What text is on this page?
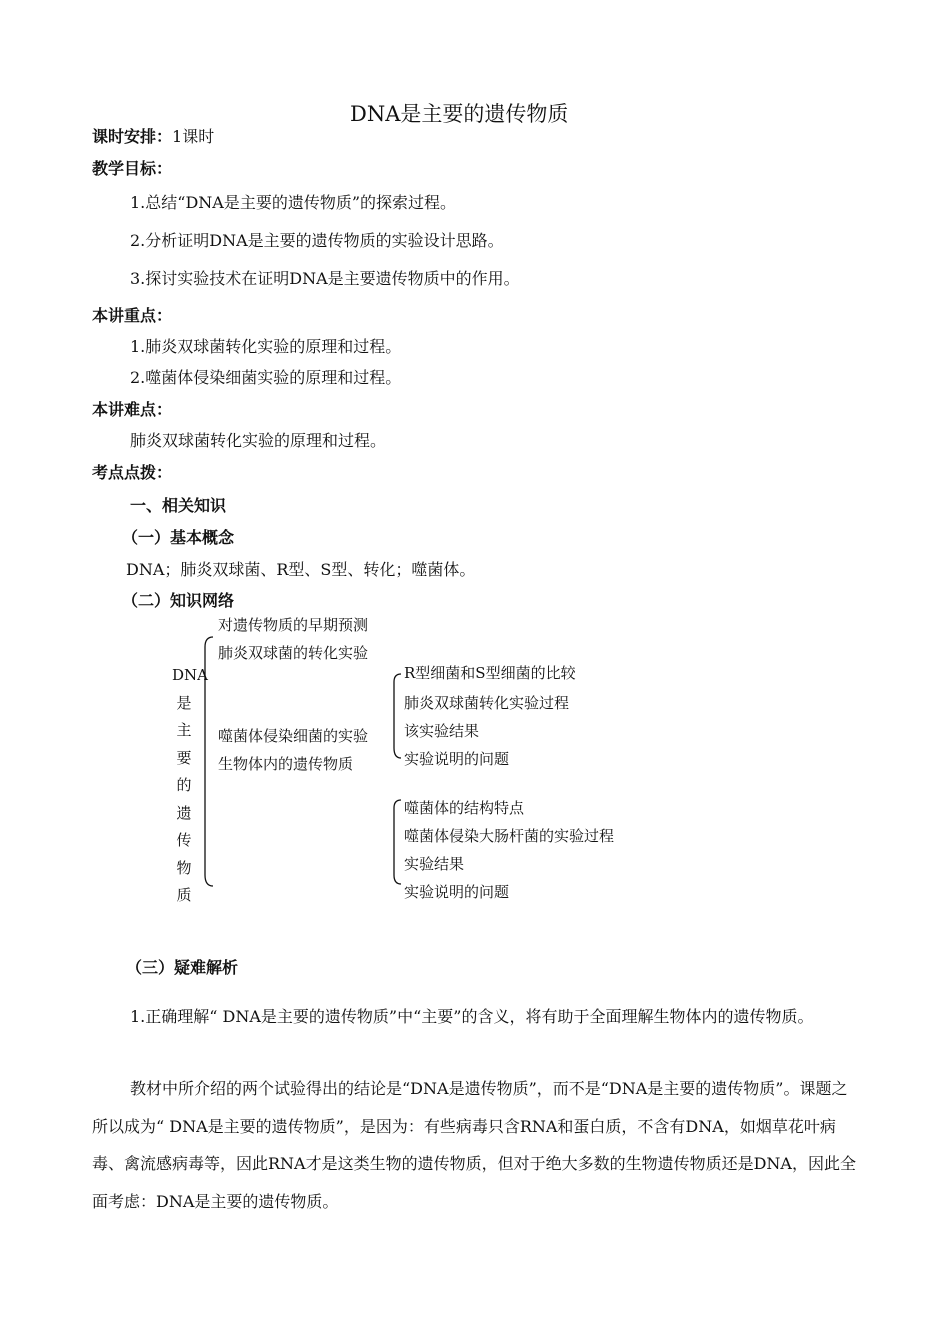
DNA是主要的遗传物质
课时安排：1课时
教学目标：
1.总结“DNA是主要的遗传物质”的探索过程。
2.分析证明DNA是主要的遗传物质的实验设计思路。
3.探讨实验技术在证明DNA是主要遗传物质中的作用。
本讲重点：
1.肺炎双球菌转化实验的原理和过程。
2.噬菌体侵染细菌实验的原理和过程。
本讲难点：
肺炎双球菌转化实验的原理和过程。
考点点拨：
一、相关知识
（一）基本概念
DNA；肺炎双球菌、R型、S型、转化；噬菌体。
（二）知识网络
DNA
是
主
要
的
遗
传
物
质
对遗传物质的早期预测
肺炎双球菌的转化实验
噬菌体侵染细菌的实验
生物体内的遗传物质
R型细菌和S型细菌的比较
肺炎双球菌转化实验过程
该实验结果
实验说明的问题
噬菌体的结构特点
噬菌体侵染大肠杆菌的实验过程
实验结果
实验说明的问题
（三）疑难解析
1.正确理解“ DNA是主要的遗传物质”中“主要”的含义，将有助于全面理解生物体内的遗传物质。
教材中所介绍的两个试验得出的结论是“DNA是遗传物质”，而不是“DNA是主要的遗传物质”。课题之所以成为“ DNA是主要的遗传物质”，是因为：有些病毒只含RNA和蛋白质，不含有DNA，如烟草花叶病毒、禽流感病毒等，因此RNA才是这类生物的遗传物质，但对于绝大多数的生物遗传物质还是DNA，因此全面考虑：DNA是主要的遗传物质。
